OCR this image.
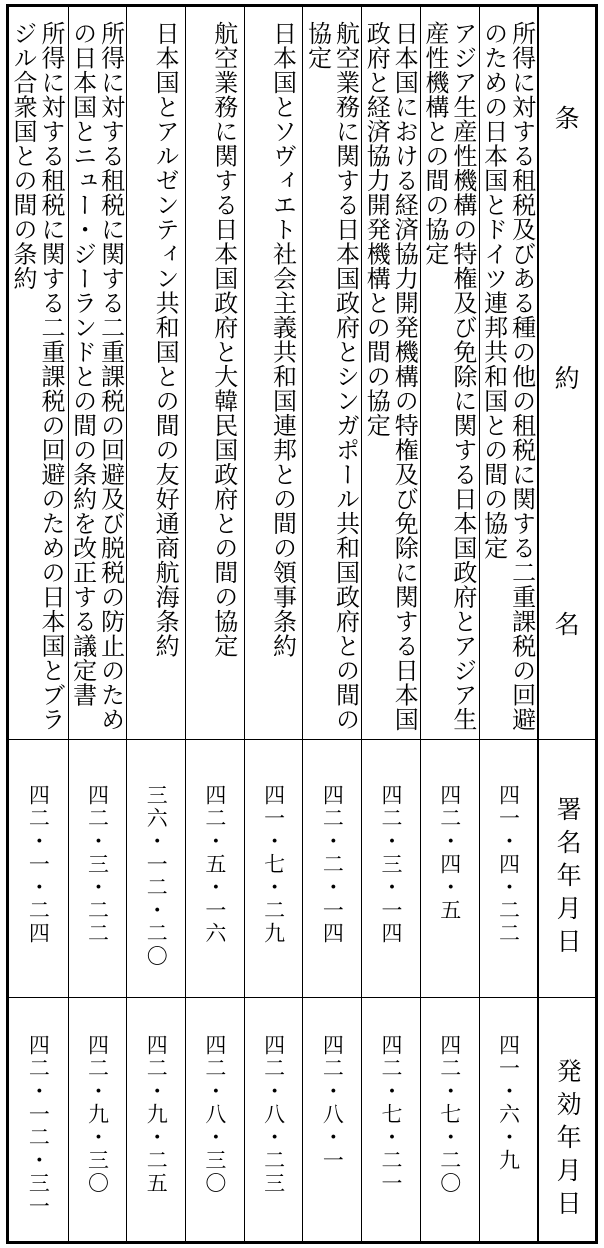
条
約
名
署名年月日
発効年月日
所得に対する租税及びある種の他の租税に関する二重課税の回避のための日本国とドイツ連邦共和国との間の協定
四一・四・二二
四一・六・九
アジア生産性機構の特権及び免除に関する日本国政府とアジア生産性機構との間の協定
四二・四・五
四二・七・二〇
日本国における経済協力開発機構の特権及び免除に関する日本国政府と経済協力開発機構との間の協定
四二・三・一四
四二・七・二一
航空業務に関する日本国政府とシンガポール共和国政府との間の協定
四二・二・一四
四二・八・一
日本国とソヴィエト社会主義共和国連邦との間の領事条約
四一・七・二九
四二・八・二三
航空業務に関する日本国政府と大韓民国政府との間の協定
四二・五・一六
四二・八・三〇
日本国とアルゼンティン共和国との間の友好通商航海条約
三六・一二・二〇
四二・九・二五
所得に対する租税に関する二重課税の回避及び脱税の防止のための日本国とニュー・ジーランドとの間の条約を改正する議定書
四二・三・二二
四二・九・三〇
所得に対する租税に関する二重課税の回避のための日本国とブラジル合衆国との間の条約
四二・一・二四
四二・一二・三一
